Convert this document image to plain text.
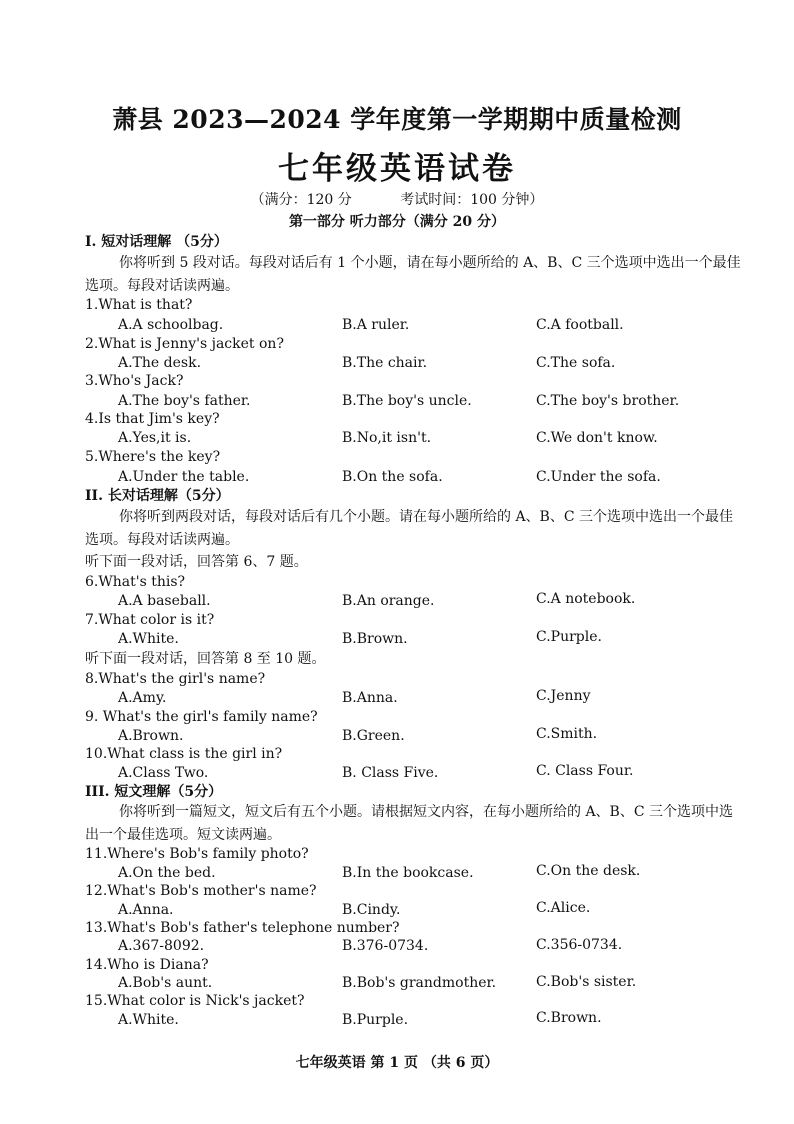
萧县 2023—2024 学年度第一学期期中质量检测
七年级英语试卷
（满分：120 分	考试时间：100 分钟）
第一部分 听力部分（满分 20 分）
I. 短对话理解 （5分）
你将听到 5 段对话。每段对话后有 1 个小题，请在每小题所给的 A、B、C 三个选项中选出一个最佳选项。每段对话读两遍。
1.What is that?
A.A schoolbag.	B.A ruler.	C.A football.
2.What is Jenny's jacket on?
A.The desk.	B.The chair.	C.The sofa.
3.Who's Jack?
A.The boy's father.	B.The boy's uncle.	C.The boy's brother.
4.Is that Jim's key?
A.Yes,it is.	B.No,it isn't.	C.We don't know.
5.Where's the key?
A.Under the table.	B.On the sofa.	C.Under the sofa.
II. 长对话理解（5分）
你将听到两段对话，每段对话后有几个小题。请在每小题所给的 A、B、C 三个选项中选出一个最佳选项。每段对话读两遍。
听下面一段对话，回答第 6、7 题。
6.What's this?
A.A baseball.	B.An orange.	C.A notebook.
7.What color is it?
A.White.	B.Brown.	C.Purple.
听下面一段对话，回答第 8 至 10 题。
8.What's the girl's name?
A.Amy.	B.Anna.	C.Jenny
9. What's the girl's family name?
A.Brown.	B.Green.	C.Smith.
10.What class is the girl in?
A.Class Two.	B. Class Five.	C. Class Four.
III. 短文理解（5分）
你将听到一篇短文，短文后有五个小题。请根据短文内容，在每小题所给的 A、B、C 三个选项中选出一个最佳选项。短文读两遍。
11.Where's Bob's family photo?
A.On the bed.	B.In the bookcase.	C.On the desk.
12.What's Bob's mother's name?
A.Anna.	B.Cindy.	C.Alice.
13.What's Bob's father's telephone number?
A.367-8092.	B.376-0734.	C.356-0734.
14.Who is Diana?
A.Bob's aunt.	B.Bob's grandmother.	C.Bob's sister.
15.What color is Nick's jacket?
A.White.	B.Purple.	C.Brown.
七年级英语 第 1 页 （共 6 页）
